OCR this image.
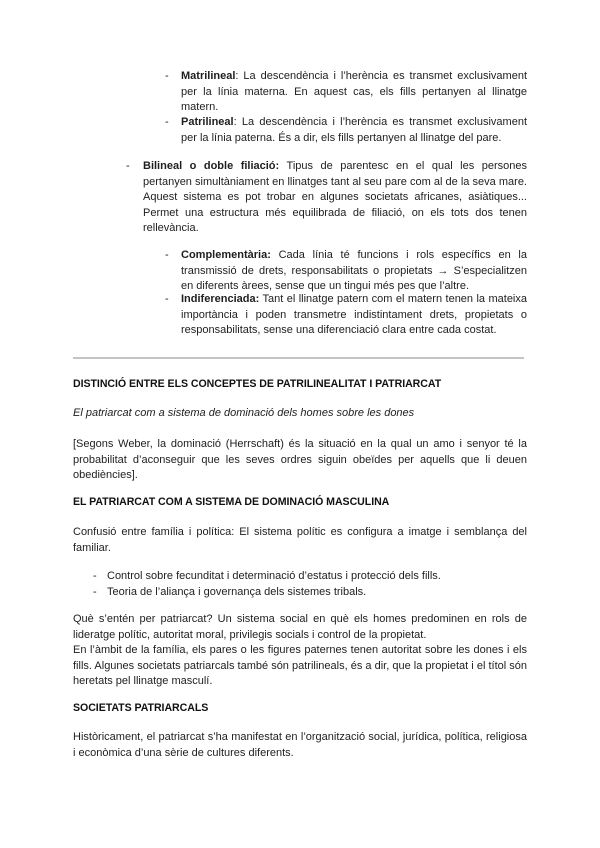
- Matrilineal: La descendència i l’herència es transmet exclusivament per la línia materna. En aquest cas, els fills pertanyen al llinatge matern.
- Patrilineal: La descendència i l’herència es transmet exclusivament per la línia paterna. És a dir, els fills pertanyen al llinatge del pare.
- Bilineal o doble filiació: Tipus de parentesc en el qual les persones pertanyen simultàniament en llinatges tant al seu pare com al de la seva mare. Aquest sistema es pot trobar en algunes societats africanes, asiàtiques... Permet una estructura més equilibrada de filiació, on els tots dos tenen rellevància.
- Complementària: Cada línia té funcions i rols específics en la transmissió de drets, responsabilitats o propietats → S’especialitzen en diferents àrees, sense que un tingui més pes que l’altre.
- Indiferenciada: Tant el llinatge patern com el matern tenen la mateixa importància i poden transmetre indistintament drets, propietats o responsabilitats, sense una diferenciació clara entre cada costat.
DISTINCIÓ ENTRE ELS CONCEPTES DE PATRILINEALITAT I PATRIARCAT
El patriarcat com a sistema de dominació dels homes sobre les dones
[Segons Weber, la dominació (Herrschaft) és la situació en la qual un amo i senyor té la probabilitat d’aconseguir que les seves ordres siguin obeïdes per aquells que li deuen obediències].
EL PATRIARCAT COM A SISTEMA DE DOMINACIÓ MASCULINA
Confusió entre família i política: El sistema polític es configura a imatge i semblança del familiar.
- Control sobre fecunditat i determinació d’estatus i protecció dels fills.
- Teoria de l’aliança i governança dels sistemes tribals.

Què s’entén per patriarcat? Un sistema social en què els homes predominen en rols de lideratge polític, autoritat moral, privilegis socials i control de la propietat.

En l’àmbit de la família, els pares o les figures paternes tenen autoritat sobre les dones i els fills. Algunes societats patriarcals també són patrilineals, és a dir, que la propietat i el títol són heretats pel llinatge masculí.

SOCIETATS PATRIARCALS
Històricament, el patriarcat s’ha manifestat en l’organització social, jurídica, política, religiosa i econòmica d’una sèrie de cultures diferents.
